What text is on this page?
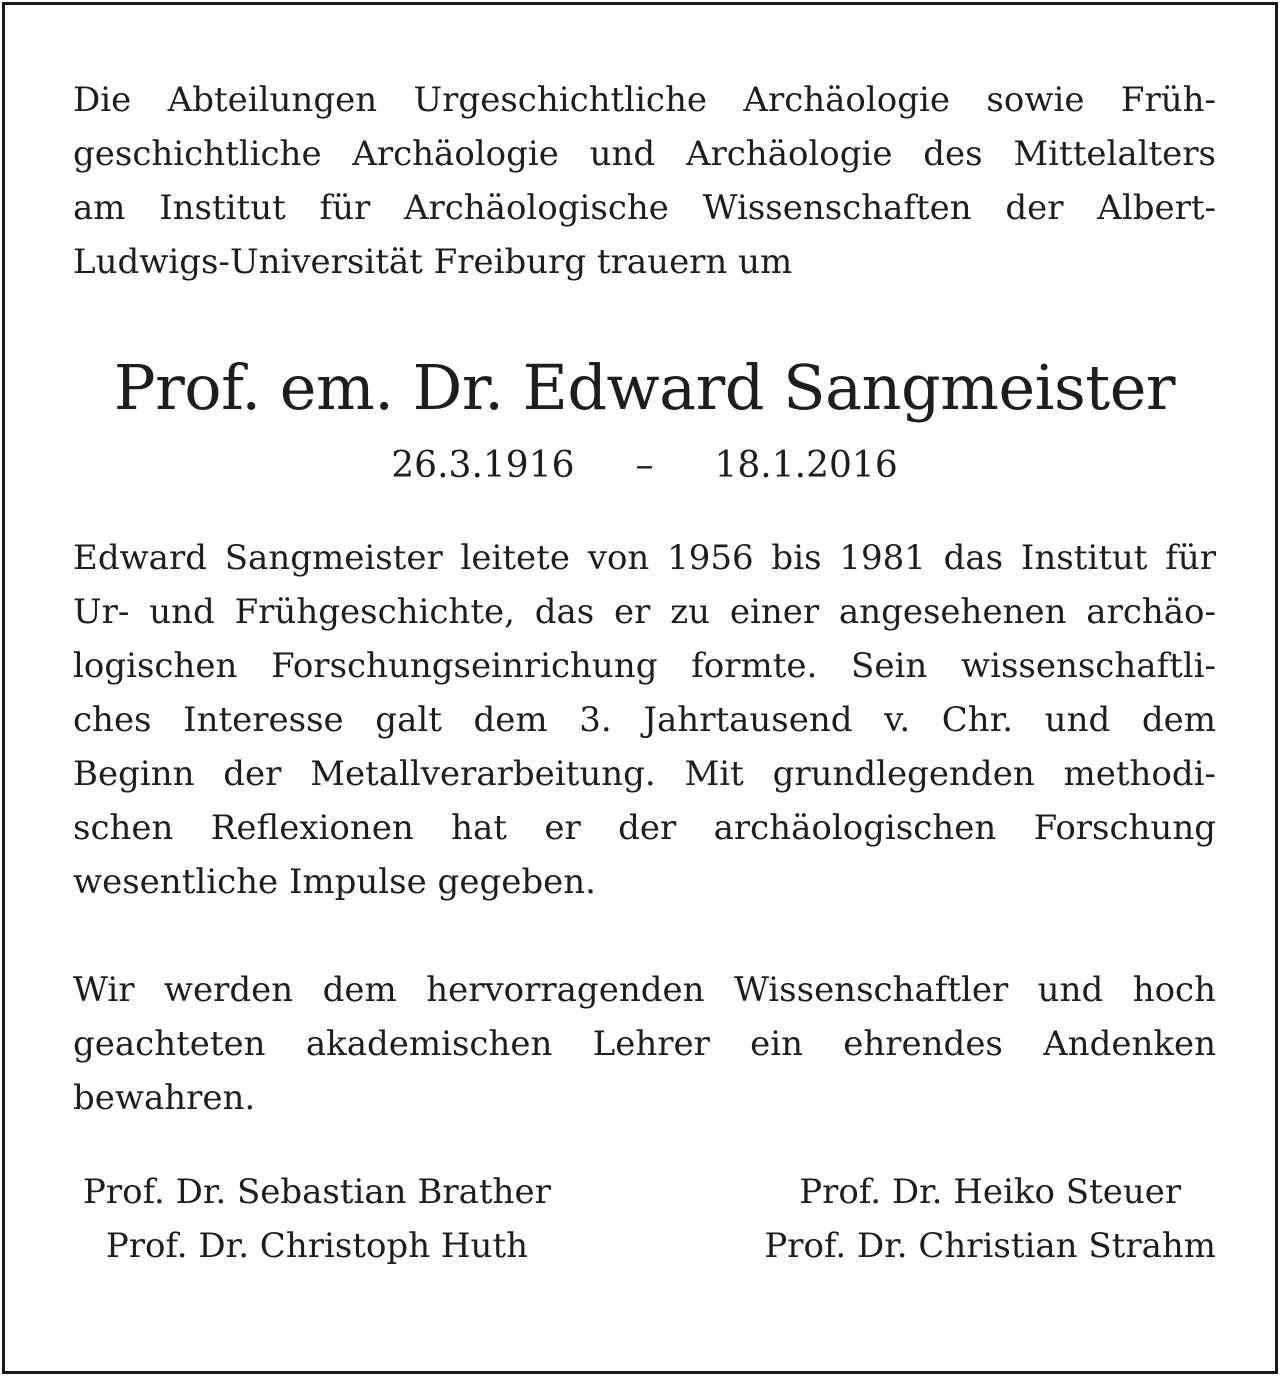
Die Abteilungen Urgeschichtliche Archäologie sowie Früh-
geschichtliche Archäologie und Archäologie des Mittelalters
am Institut für Archäologische Wissenschaften der Albert-
Ludwigs-Universität Freiburg trauern um
Prof. em. Dr. Edward Sangmeister
26.3.1916 – 18.1.2016
Edward Sangmeister leitete von 1956 bis 1981 das Institut für
Ur- und Frühgeschichte, das er zu einer angesehenen archäo-
logischen Forschungseinrichung formte. Sein wissenschaftli-
ches Interesse galt dem 3. Jahrtausend v. Chr. und dem
Beginn der Metallverarbeitung. Mit grundlegenden methodi-
schen Reflexionen hat er der archäologischen Forschung
wesentliche Impulse gegeben.
Wir werden dem hervorragenden Wissenschaftler und hoch
geachteten akademischen Lehrer ein ehrendes Andenken
bewahren.
Prof. Dr. Sebastian Brather
Prof. Dr. Christoph Huth
Prof. Dr. Heiko Steuer
Prof. Dr. Christian Strahm
